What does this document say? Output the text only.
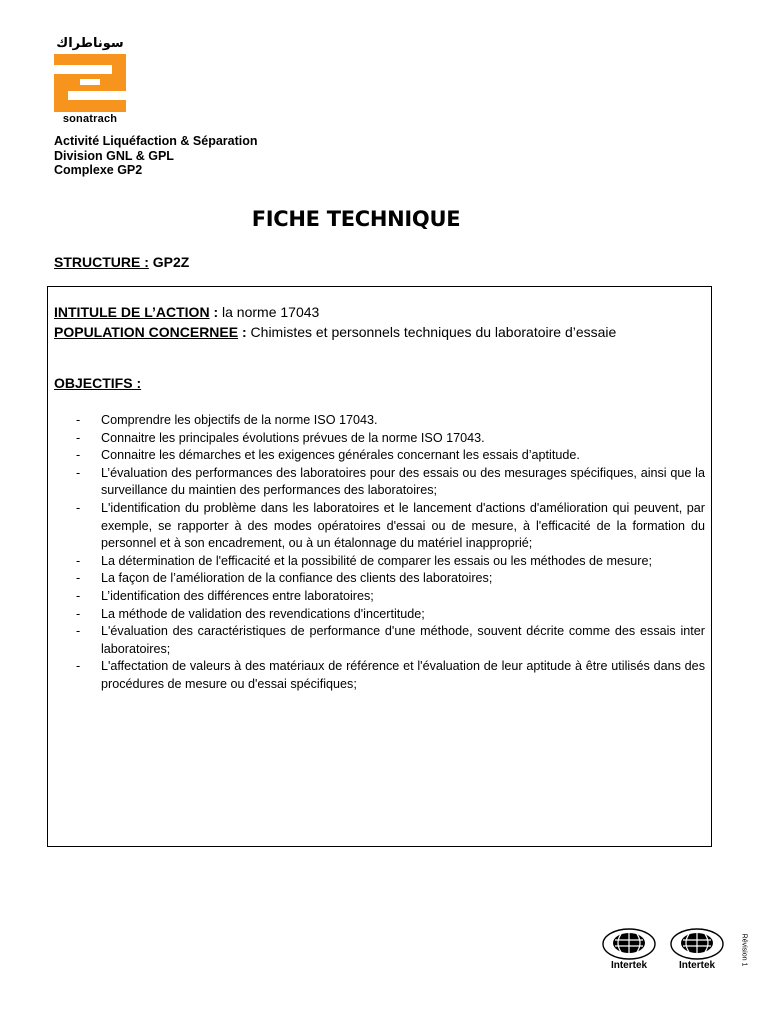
سوناطراك
sonatrach
Activité Liquéfaction & Séparation
Division GNL & GPL
Complexe GP2
FICHE TECHNIQUE
STRUCTURE : GP2Z
INTITULE DE L’ACTION : la norme 17043
POPULATION CONCERNEE : Chimistes et personnels techniques du laboratoire d’essaie
OBJECTIFS :
- Comprendre les objectifs de la norme ISO 17043.
- Connaitre les principales évolutions prévues de la norme ISO 17043.
- Connaitre les démarches et les exigences générales concernant les essais d’aptitude.
- L’évaluation des performances des laboratoires pour des essais ou des mesurages spécifiques, ainsi que la surveillance du maintien des performances des laboratoires;
- L'identification du problème dans les laboratoires et le lancement d'actions d'amélioration qui peuvent, par exemple, se rapporter à des modes opératoires d'essai ou de mesure, à l'efficacité de la formation du personnel et à son encadrement, ou à un étalonnage du matériel inapproprié;
- La détermination de l'efficacité et la possibilité de comparer les essais ou les méthodes de mesure;
- La façon de l’amélioration de la confiance des clients des laboratoires;
- L’identification des différences entre laboratoires;
- La méthode de validation des revendications d'incertitude;
- L'évaluation des caractéristiques de performance d'une méthode, souvent décrite comme des essais inter laboratoires;
- L'affectation de valeurs à des matériaux de référence et l'évaluation de leur aptitude à être utilisés dans des procédures de mesure ou d'essai spécifiques;
Intertek	Intertek	Révision 1
